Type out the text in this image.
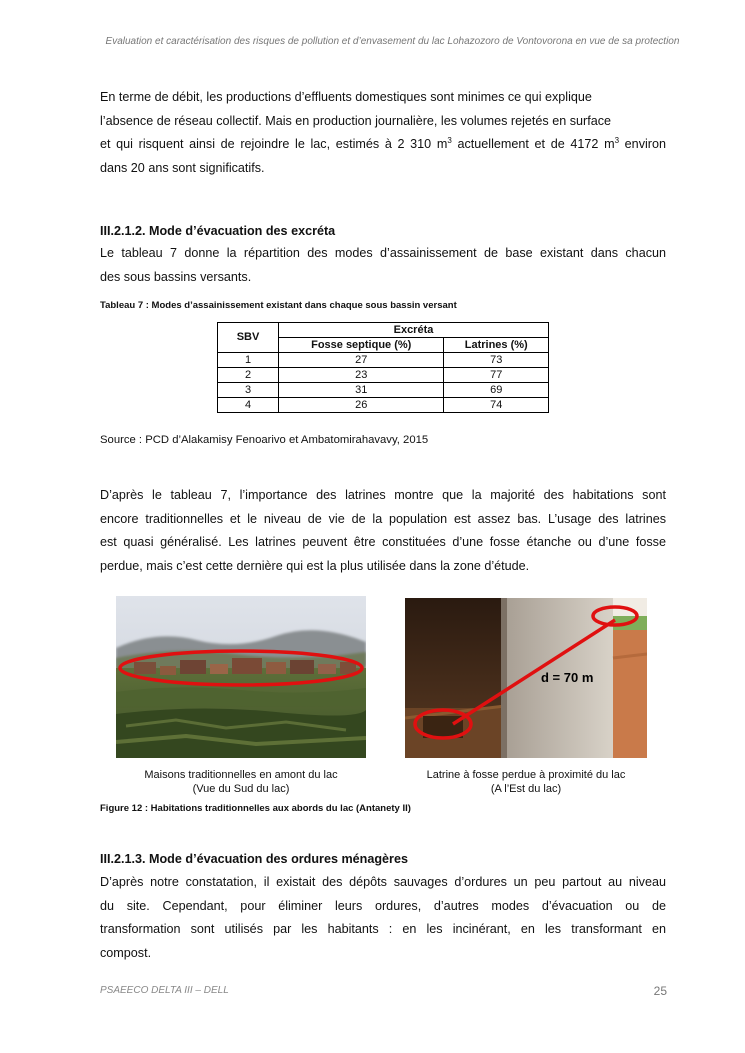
Evaluation et caractérisation des risques de pollution et d’envasement du lac Lohazozoro de Vontovorona en vue de sa protection
En terme de débit, les productions d’effluents domestiques sont minimes ce qui explique
l’absence de réseau collectif. Mais en production journalière, les volumes rejetés en surface
et qui risquent ainsi de rejoindre le lac, estimés à 2 310 $m^3$ actuellement et de 4172 $m^3$ environ
dans 20 ans sont significatifs.
III.2.1.2. Mode d’évacuation des excréta
Le tableau 7 donne la répartition des modes d’assainissement de base existant dans chacun
des sous bassins versants.
Tableau 7 : Modes d’assainissement existant dans chaque sous bassin versant
SBV	Excréta	
	Fosse septique (%)	Latrines (%)
1	27	73
2	23	77
3	31	69
4	26	74
Source : PCD d’Alakamisy Fenoarivo et Ambatomirahavavy, 2015
D’après le tableau 7, l’importance des latrines montre que la majorité des habitations sont
encore traditionnelles et le niveau de vie de la population est assez bas. L’usage des latrines
est quasi généralisé. Les latrines peuvent être constituées d’une fosse étanche ou d’une fosse
perdue, mais c’est cette dernière qui est la plus utilisée dans la zone d’étude.
d = 70 m
Maisons traditionnelles en amont du lac
(Vue du Sud du lac)
Latrine à fosse perdue à proximité du lac
(A l’Est du lac)
Figure 12 : Habitations traditionnelles aux abords du lac (Antanety II)
III.2.1.3. Mode d’évacuation des ordures ménagères
D’après notre constatation, il existait des dépôts sauvages d’ordures un peu partout au niveau
du site. Cependant, pour éliminer leurs ordures, d’autres modes d’évacuation ou de
transformation sont utilisés par les habitants : en les incinérant, en les transformant en
compost.
PSAEECO DELTA III – DELL	25
